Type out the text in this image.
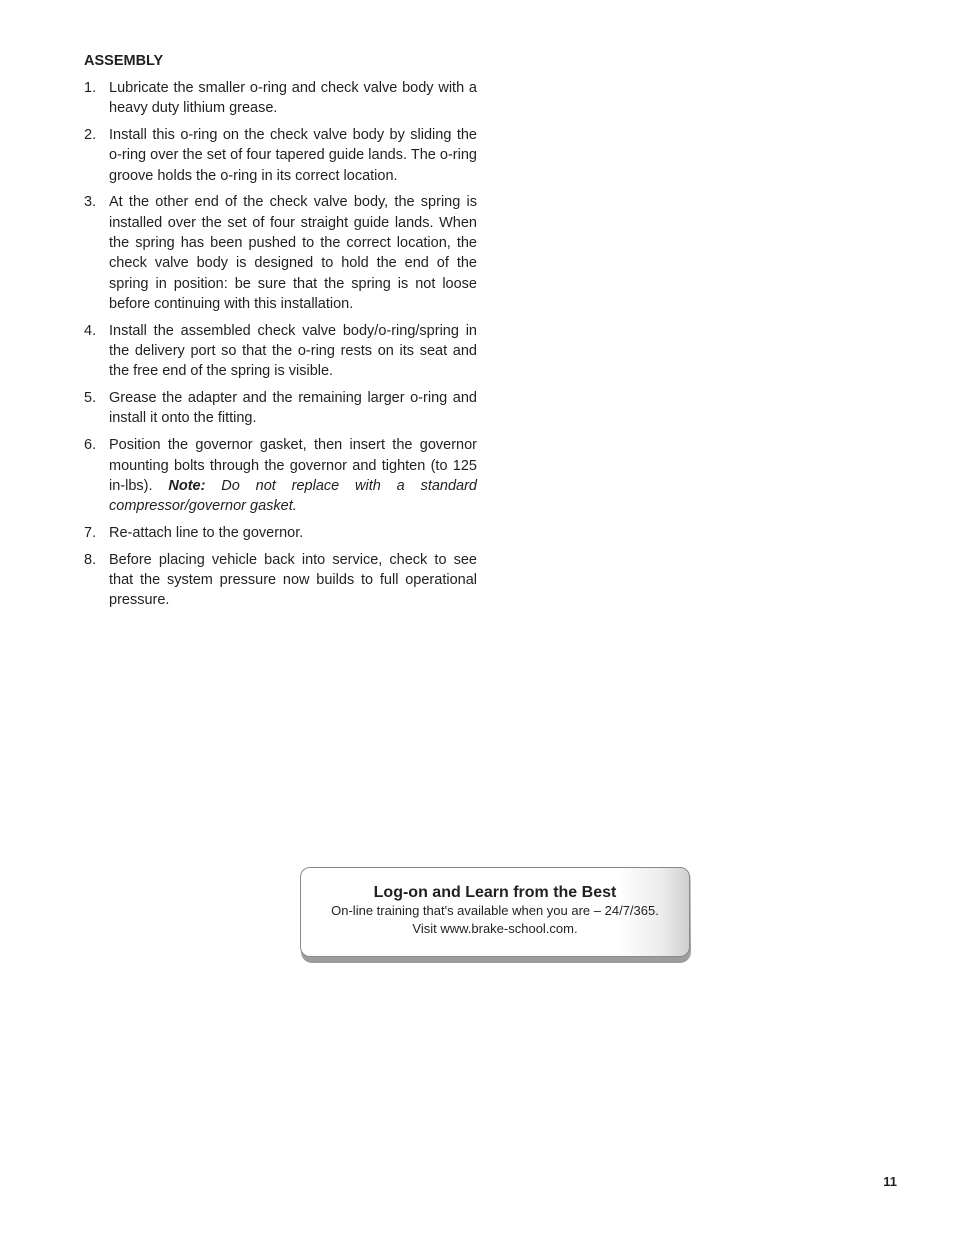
ASSEMBLY
1. Lubricate the smaller o-ring and check valve body with a heavy duty lithium grease.
2. Install this o-ring on the check valve body by sliding the o-ring over the set of four tapered guide lands. The o-ring groove holds the o-ring in its correct location.
3. At the other end of the check valve body, the spring is installed over the set of four straight guide lands. When the spring has been pushed to the correct location, the check valve body is designed to hold the end of the spring in position: be sure that the spring is not loose before continuing with this installation.
4. Install the assembled check valve body/o-ring/spring in the delivery port so that the o-ring rests on its seat and the free end of the spring is visible.
5. Grease the adapter and the remaining larger o-ring and install it onto the fitting.
6. Position the governor gasket, then insert the governor mounting bolts through the governor and tighten (to 125 in-lbs). Note: Do not replace with a standard compressor/governor gasket.
7. Re-attach line to the governor.
8. Before placing vehicle back into service, check to see that the system pressure now builds to full operational pressure.
Log-on and Learn from the Best
On-line training that's available when you are – 24/7/365.
Visit www.brake-school.com.
11
